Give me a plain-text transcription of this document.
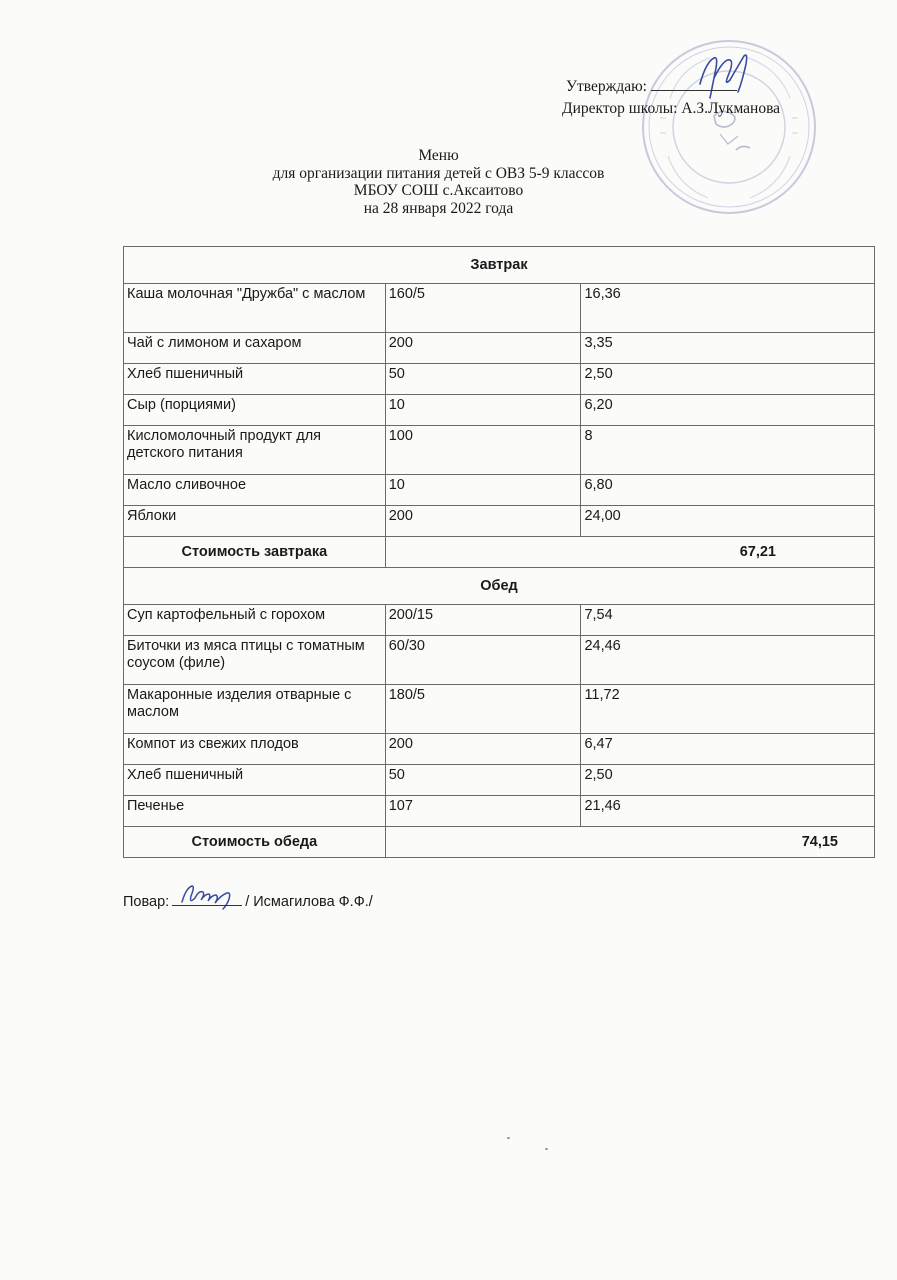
Утверждаю:
Директор школы: А.З.Лукманова
Меню
для организации питания детей с ОВЗ 5-9 классов
МБОУ СОШ с.Аксаитово
на 28 января 2022 года
Завтрак		
Каша молочная "Дружба" с маслом	160/5	16,36
Чай с лимоном и сахаром	200	3,35
Хлеб пшеничный	50	2,50
Сыр (порциями)	10	6,20
Кисломолочный продукт для детского питания	100	8
Масло сливочное	10	6,80
Яблоки	200	24,00
Стоимость завтрака	67,21	
Обед		
Суп картофельный с горохом	200/15	7,54
Биточки из мяса птицы с томатным соусом (филе)	60/30	24,46
Макаронные изделия отварные с маслом	180/5	11,72
Компот из свежих плодов	200	6,47
Хлеб пшеничный	50	2,50
Печенье	107	21,46
Стоимость обеда	74,15	
Повар:	/ Исмагилова Ф.Ф./
